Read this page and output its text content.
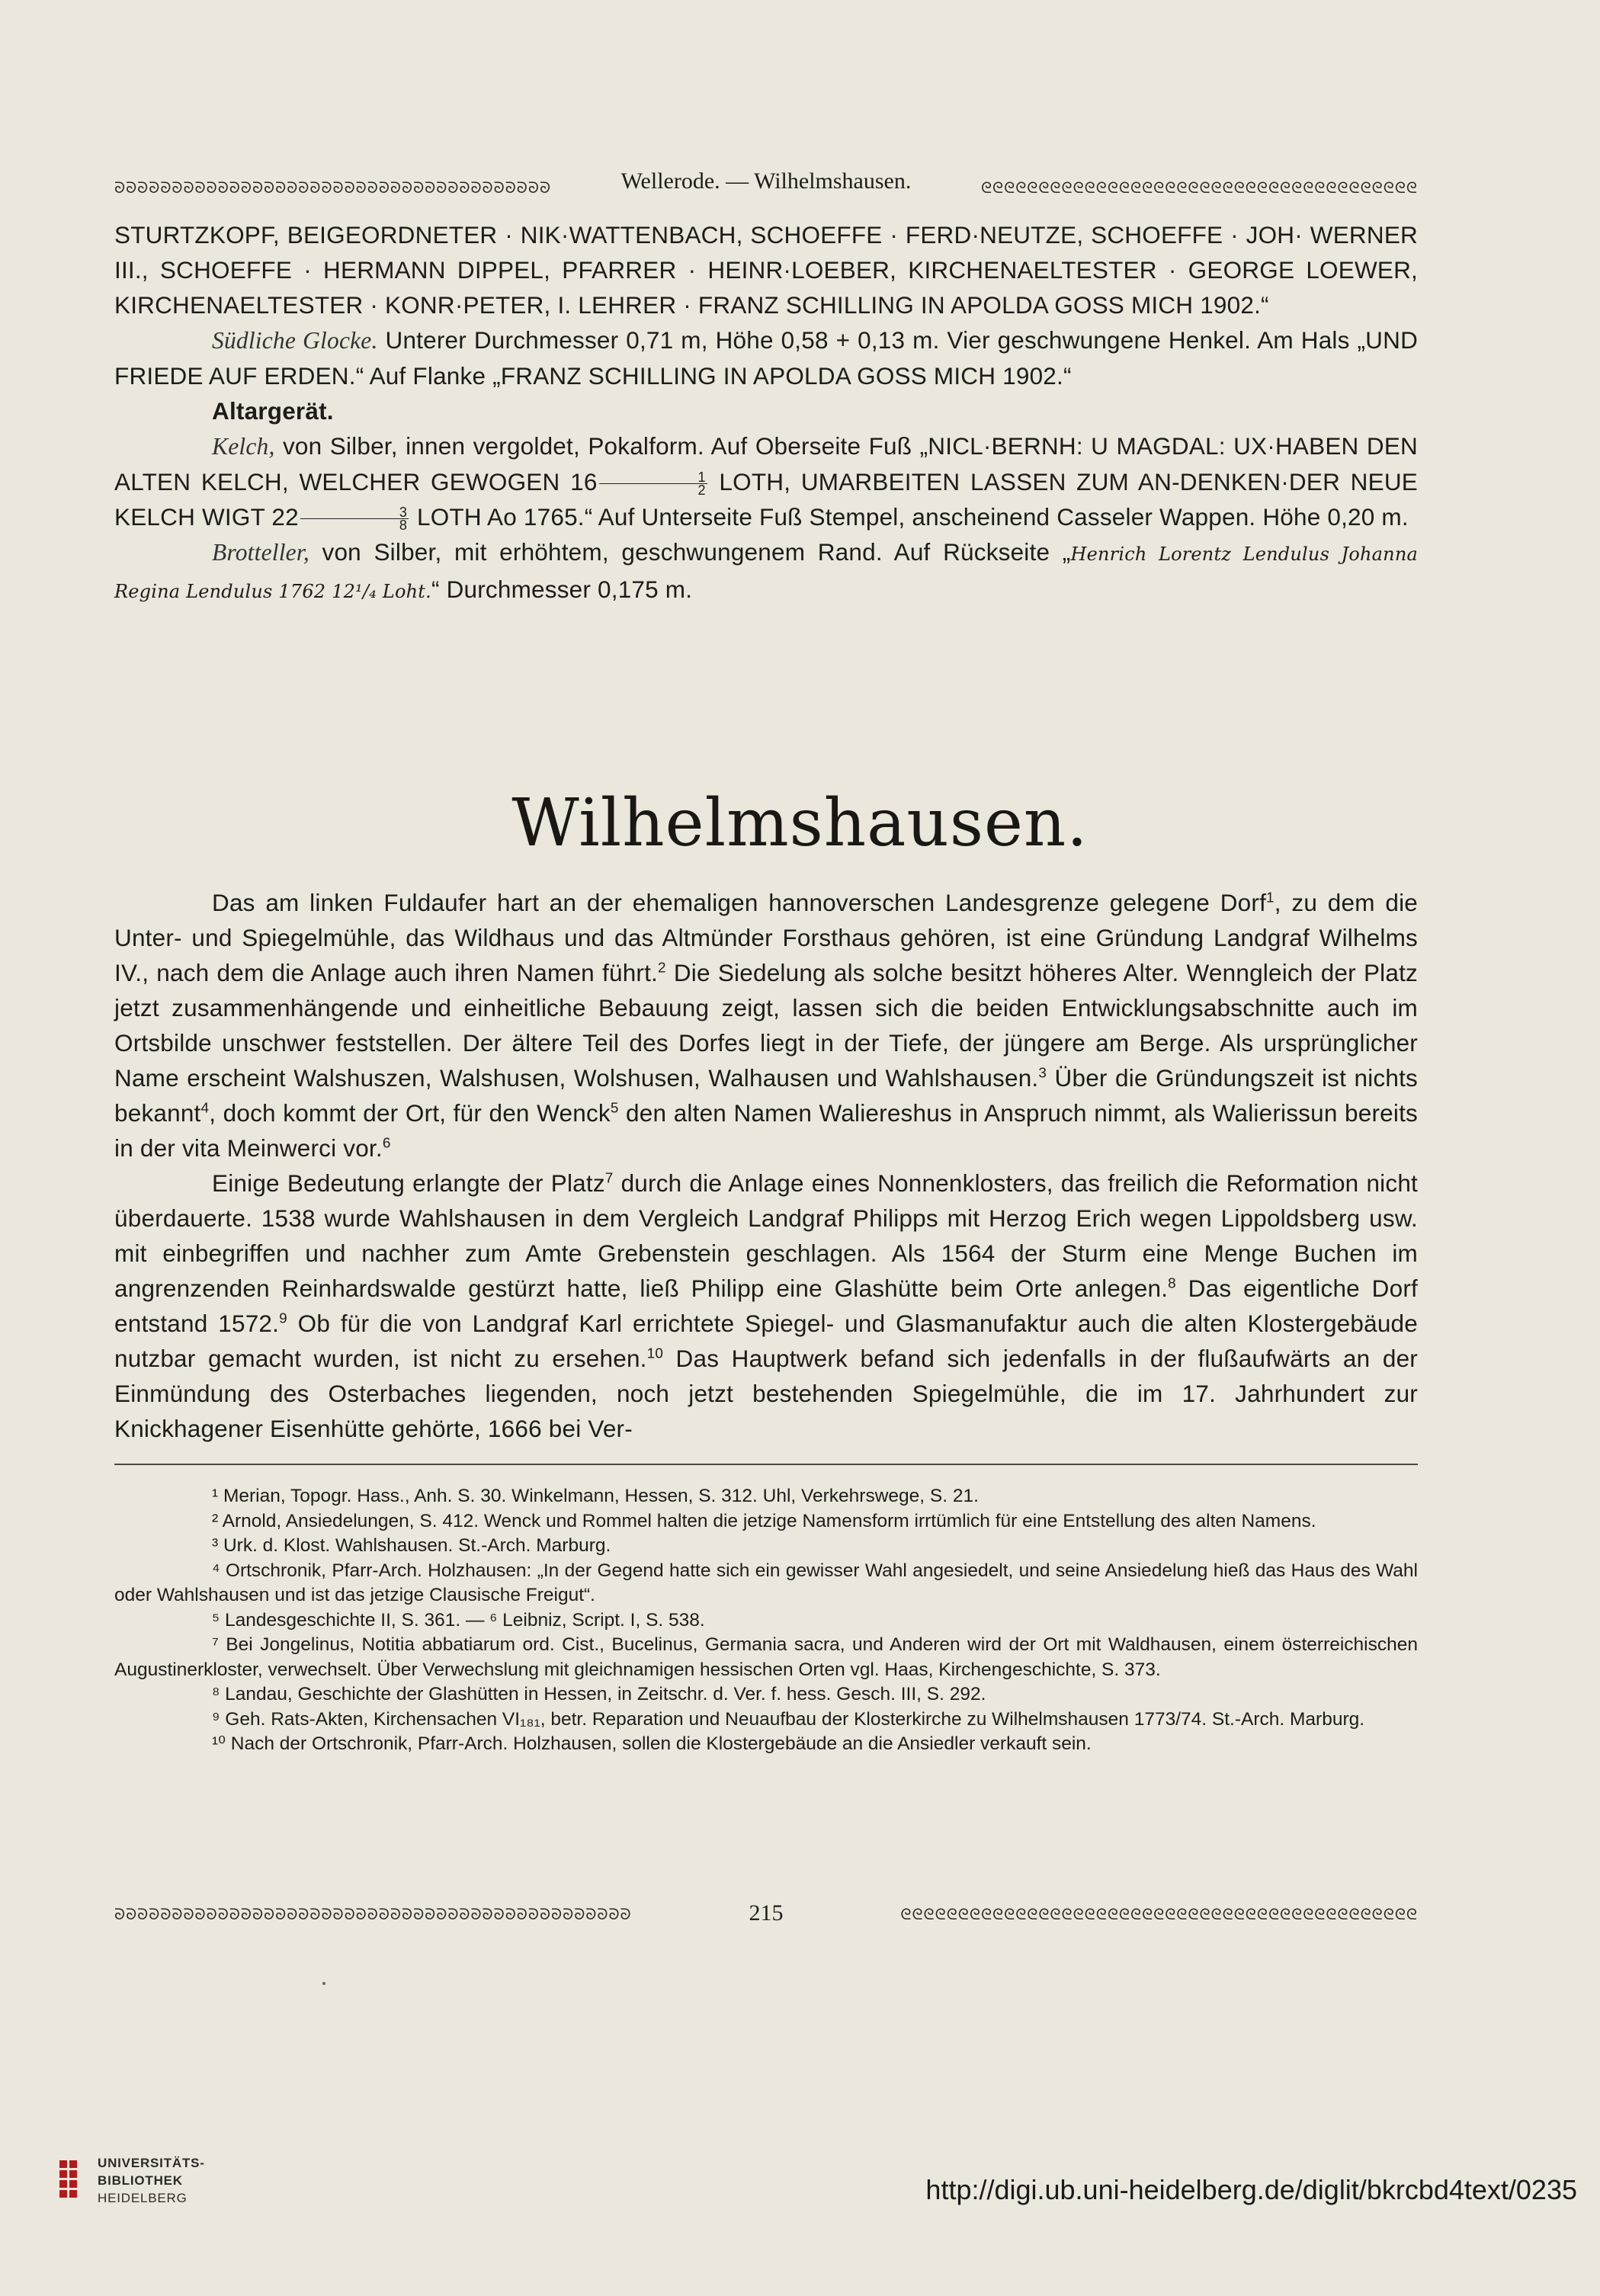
ᘐᘐᘐᘐᘐᘐᘐᘐᘐᘐᘐᘐᘐᘐᘐᘐᘐᘐᘐᘐᘐᘐᘐᘐᘐᘐᘐᘐᘐᘐᘐᘐᘐᘐᘐᘐᘐᘐ	Wellerode. — Wilhelmshausen.	ᘓᘓᘓᘓᘓᘓᘓᘓᘓᘓᘓᘓᘓᘓᘓᘓᘓᘓᘓᘓᘓᘓᘓᘓᘓᘓᘓᘓᘓᘓᘓᘓᘓᘓᘓᘓᘓᘓ

STURTZKOPF, BEIGEORDNETER · NIK·WATTENBACH, SCHOEFFE · FERD·NEUTZE, SCHOEFFE · JOH· WERNER III., SCHOEFFE · HERMANN DIPPEL, PFARRER · HEINR·LOEBER, KIRCHENAELTESTER · GEORGE LOEWER, KIRCHENAELTESTER · KONR·PETER, I. LEHRER · FRANZ SCHILLING IN APOLDA GOSS MICH 1902.“

Südliche Glocke. Unterer Durchmesser 0,71 m, Höhe 0,58 + 0,13 m. Vier geschwungene Henkel. Am Hals „UND FRIEDE AUF ERDEN.“ Auf Flanke „FRANZ SCHILLING IN APOLDA GOSS MICH 1902.“

Altargerät.

Kelch, von Silber, innen vergoldet, Pokalform. Auf Oberseite Fuß „NICL·BERNH: U MAGDAL: UX·HABEN DEN ALTEN KELCH, WELCHER GEWOGEN $16 \frac{1}{2}$ LOTH, UMARBEITEN LASSEN ZUM AN-DENKEN·DER NEUE KELCH WIGT $22 \frac{3}{8}$ LOTH Ao 1765.“ Auf Unterseite Fuß Stempel, anscheinend Casseler Wappen. Höhe 0,20 m.

Brotteller, von Silber, mit erhöhtem, geschwungenem Rand. Auf Rückseite „Henrich Lorentz Lendulus Johanna Regina Lendulus 1762 12¹/₄ Loht.“ Durchmesser 0,175 m.

Wilhelmshausen.

Das am linken Fuldaufer hart an der ehemaligen hannoverschen Landesgrenze gelegene Dorf$^1$, zu dem die Unter- und Spiegelmühle, das Wildhaus und das Altmünder Forsthaus gehören, ist eine Gründung Landgraf Wilhelms IV., nach dem die Anlage auch ihren Namen führt.$^2$ Die Siedelung als solche besitzt höheres Alter. Wenngleich der Platz jetzt zusammenhängende und einheitliche Bebauung zeigt, lassen sich die beiden Entwicklungsabschnitte auch im Ortsbilde unschwer feststellen. Der ältere Teil des Dorfes liegt in der Tiefe, der jüngere am Berge. Als ursprünglicher Name erscheint Walshuszen, Walshusen, Wolshusen, Walhausen und Wahlshausen.$^3$ Über die Gründungszeit ist nichts bekannt$^4$, doch kommt der Ort, für den Wenck$^5$ den alten Namen Waliereshus in Anspruch nimmt, als Walierissun bereits in der vita Meinwerci vor.$^6$

Einige Bedeutung erlangte der Platz$^7$ durch die Anlage eines Nonnenklosters, das freilich die Reformation nicht überdauerte. 1538 wurde Wahlshausen in dem Vergleich Landgraf Philipps mit Herzog Erich wegen Lippoldsberg usw. mit einbegriffen und nachher zum Amte Grebenstein geschlagen. Als 1564 der Sturm eine Menge Buchen im angrenzenden Reinhardswalde gestürzt hatte, ließ Philipp eine Glashütte beim Orte anlegen.$^8$ Das eigentliche Dorf entstand 1572.$^9$ Ob für die von Landgraf Karl errichtete Spiegel- und Glasmanufaktur auch die alten Klostergebäude nutzbar gemacht wurden, ist nicht zu ersehen.$^{10}$ Das Hauptwerk befand sich jedenfalls in der flußaufwärts an der Einmündung des Osterbaches liegenden, noch jetzt bestehenden Spiegelmühle, die im 17. Jahrhundert zur Knickhagener Eisenhütte gehörte, 1666 bei Ver-

¹ Merian, Topogr. Hass., Anh. S. 30. Winkelmann, Hessen, S. 312. Uhl, Verkehrswege, S. 21.

² Arnold, Ansiedelungen, S. 412. Wenck und Rommel halten die jetzige Namensform irrtümlich für eine Entstellung des alten Namens.

³ Urk. d. Klost. Wahlshausen. St.-Arch. Marburg.

⁴ Ortschronik, Pfarr-Arch. Holzhausen: „In der Gegend hatte sich ein gewisser Wahl angesiedelt, und seine Ansiedelung hieß das Haus des Wahl oder Wahlshausen und ist das jetzige Clausische Freigut“.

⁵ Landesgeschichte II, S. 361. — ⁶ Leibniz, Script. I, S. 538.

⁷ Bei Jongelinus, Notitia abbatiarum ord. Cist., Bucelinus, Germania sacra, und Anderen wird der Ort mit Waldhausen, einem österreichischen Augustinerkloster, verwechselt. Über Verwechslung mit gleichnamigen hessischen Orten vgl. Haas, Kirchengeschichte, S. 373.

⁸ Landau, Geschichte der Glashütten in Hessen, in Zeitschr. d. Ver. f. hess. Gesch. III, S. 292.

⁹ Geh. Rats-Akten, Kirchensachen VI₁₈₁, betr. Reparation und Neuaufbau der Klosterkirche zu Wilhelmshausen 1773/74. St.-Arch. Marburg.

¹⁰ Nach der Ortschronik, Pfarr-Arch. Holzhausen, sollen die Klostergebäude an die Ansiedler verkauft sein.

ᘐᘐᘐᘐᘐᘐᘐᘐᘐᘐᘐᘐᘐᘐᘐᘐᘐᘐᘐᘐᘐᘐᘐᘐᘐᘐᘐᘐᘐᘐᘐᘐᘐᘐᘐᘐᘐᘐᘐᘐᘐᘐᘐᘐᘐ	215	ᘓᘓᘓᘓᘓᘓᘓᘓᘓᘓᘓᘓᘓᘓᘓᘓᘓᘓᘓᘓᘓᘓᘓᘓᘓᘓᘓᘓᘓᘓᘓᘓᘓᘓᘓᘓᘓᘓᘓᘓᘓᘓᘓᘓᘓ
UNIVERSITÄTS-
BIBLIOTHEK
HEIDELBERG	http://digi.ub.uni-heidelberg.de/diglit/bkrcbd4text/0235
